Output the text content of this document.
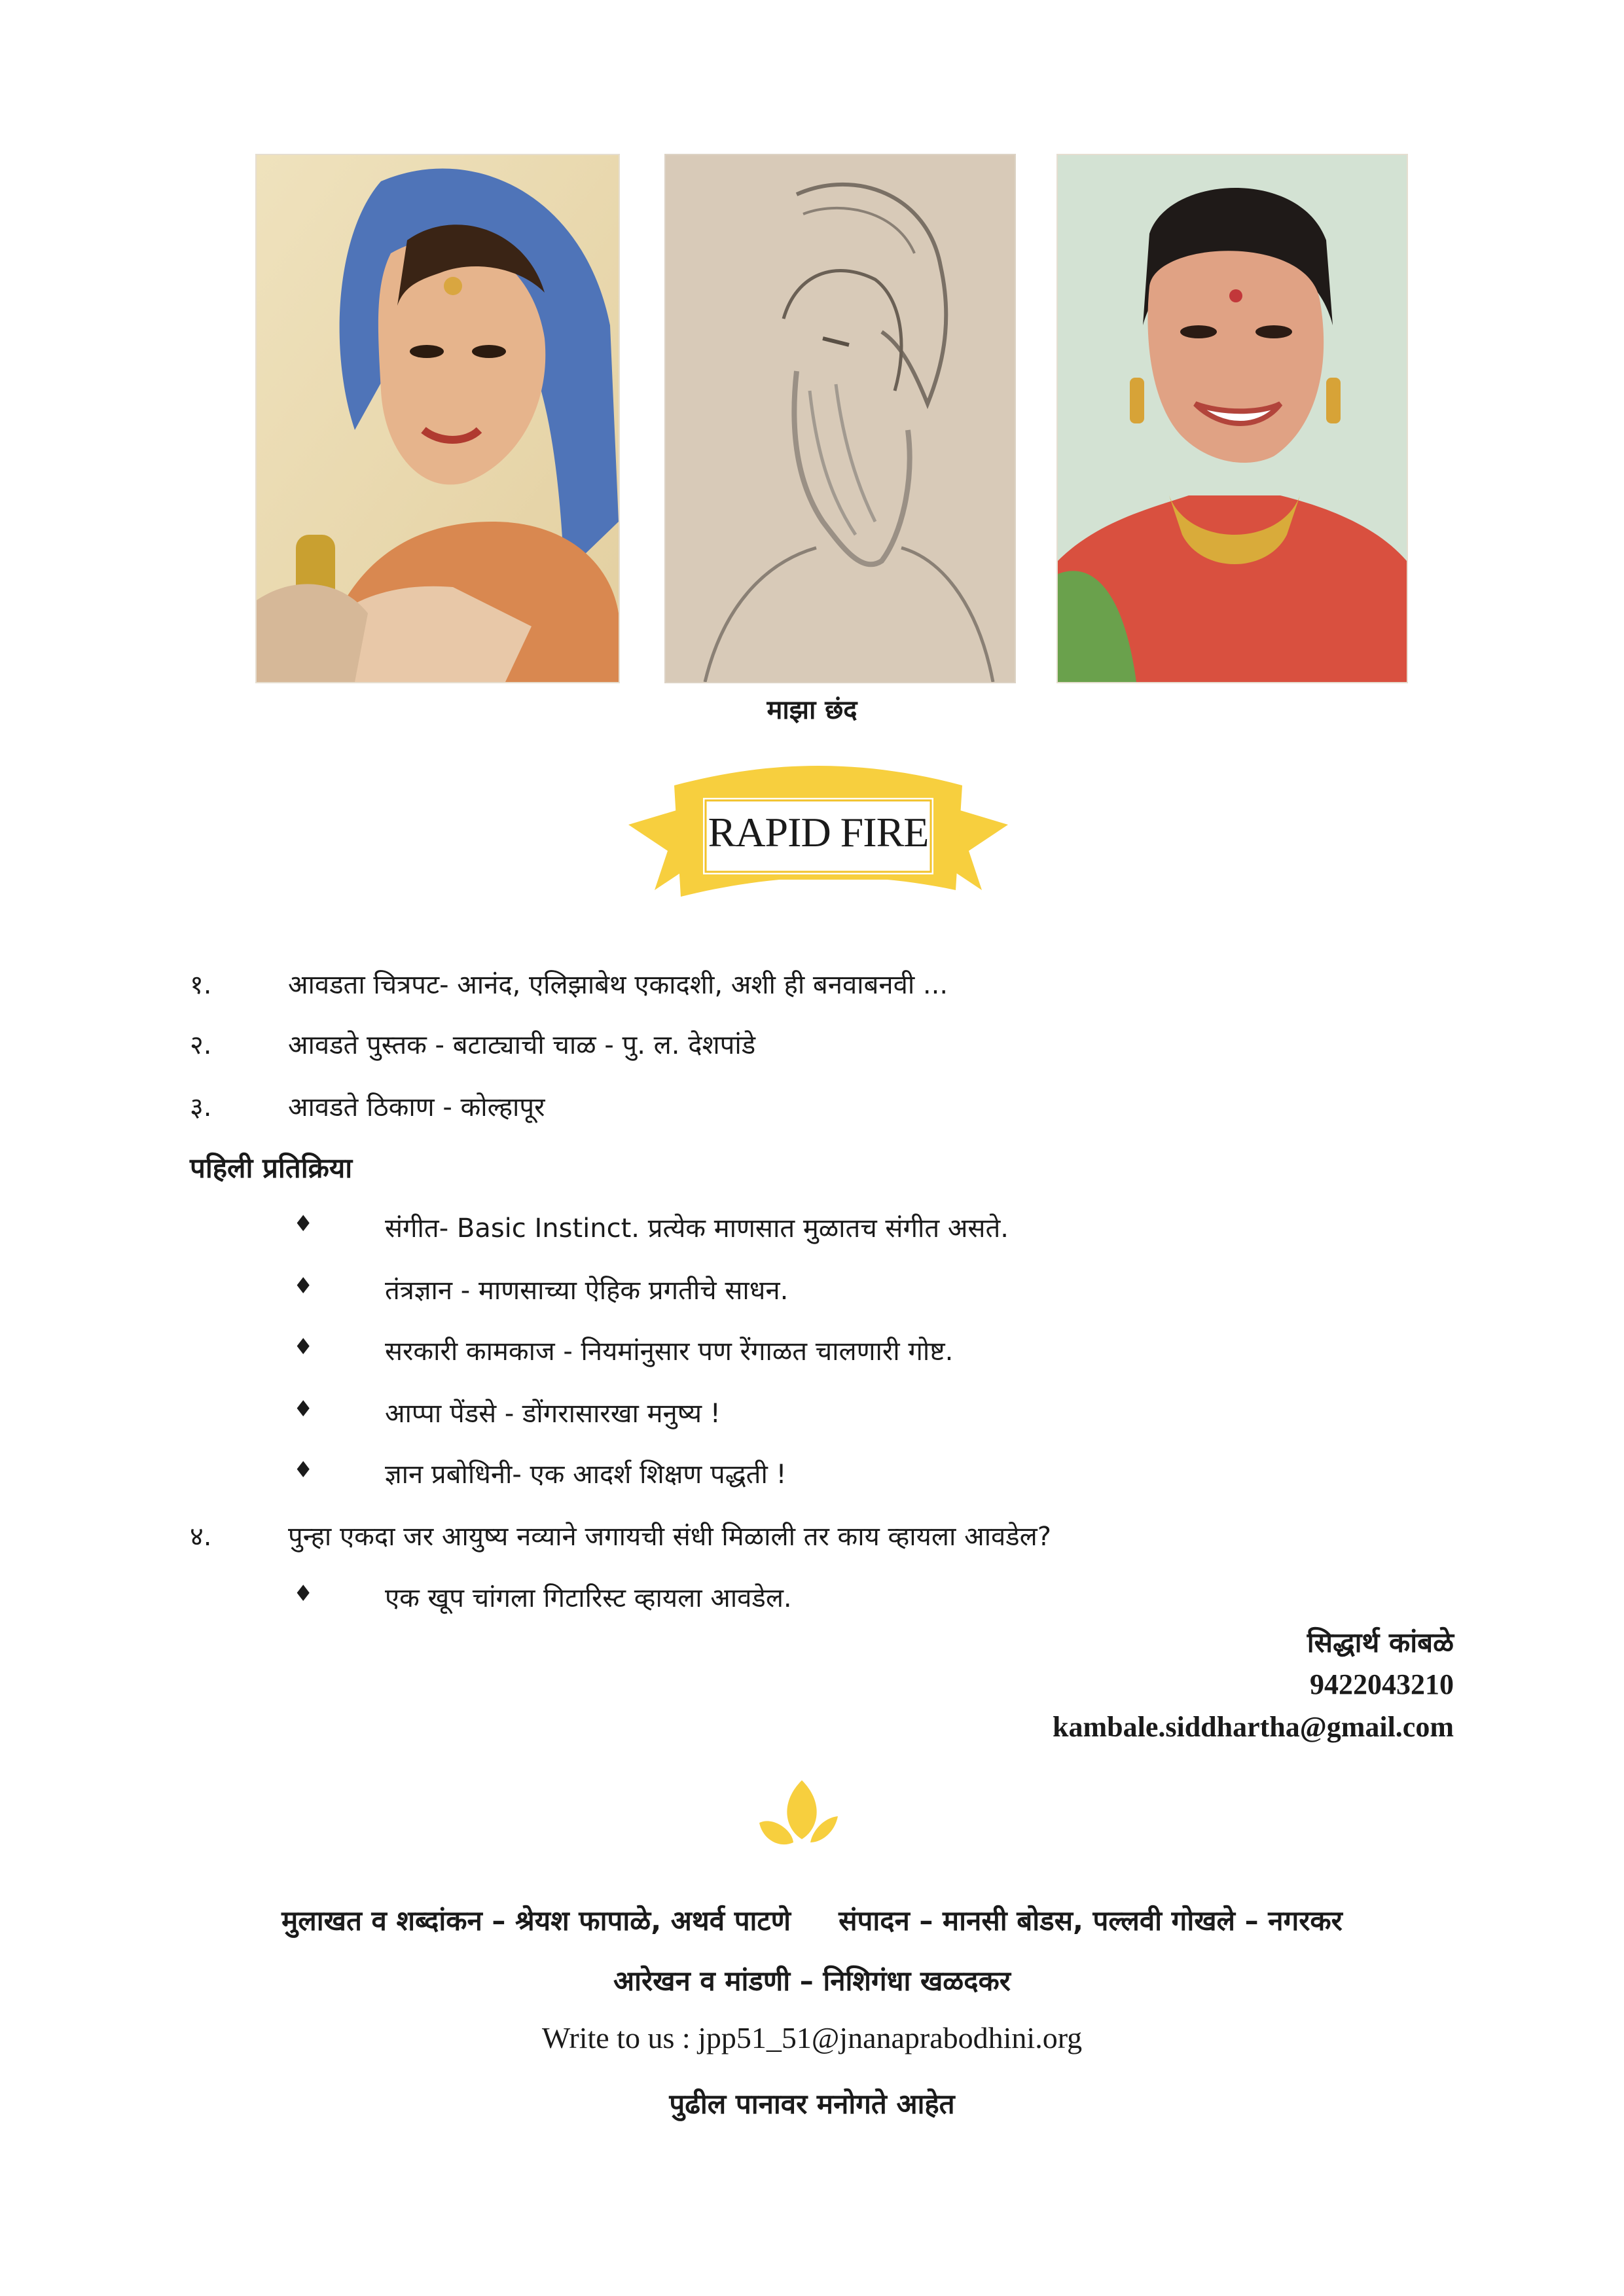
माझा छंद
RAPID FIRE
१.	आवडता चित्रपट- आनंद, एलिझाबेथ एकादशी, अशी ही बनवाबनवी ...
२.	आवडते पुस्तक - बटाट्याची चाळ - पु. ल. देशपांडे
३.	आवडते ठिकाण - कोल्हापूर
पहिली प्रतिक्रिया
♦	संगीत- Basic Instinct. प्रत्येक माणसात मुळातच संगीत असते.
♦	तंत्रज्ञान - माणसाच्या ऐहिक प्रगतीचे साधन.
♦	सरकारी कामकाज - नियमांनुसार पण रेंगाळत चालणारी गोष्ट.
♦	आप्पा पेंडसे - डोंगरासारखा मनुष्य !
♦	ज्ञान प्रबोधिनी- एक आदर्श शिक्षण पद्धती !
४.	पुन्हा एकदा जर आयुष्य नव्याने जगायची संधी मिळाली तर काय व्हायला आवडेल?
♦	एक खूप चांगला गिटारिस्ट व्हायला आवडेल.
सिद्धार्थ कांबळे
9422043210
kambale.siddhartha@gmail.com
मुलाखत व शब्दांकन – श्रेयश फापाळे, अथर्व पाटणे     संपादन – मानसी बोडस, पल्लवी गोखले – नगरकर
आरेखन व मांडणी – निशिगंधा खळदकर
Write to us : jpp51_51@jnanaprabodhini.org
पुढील पानावर मनोगते आहेत
